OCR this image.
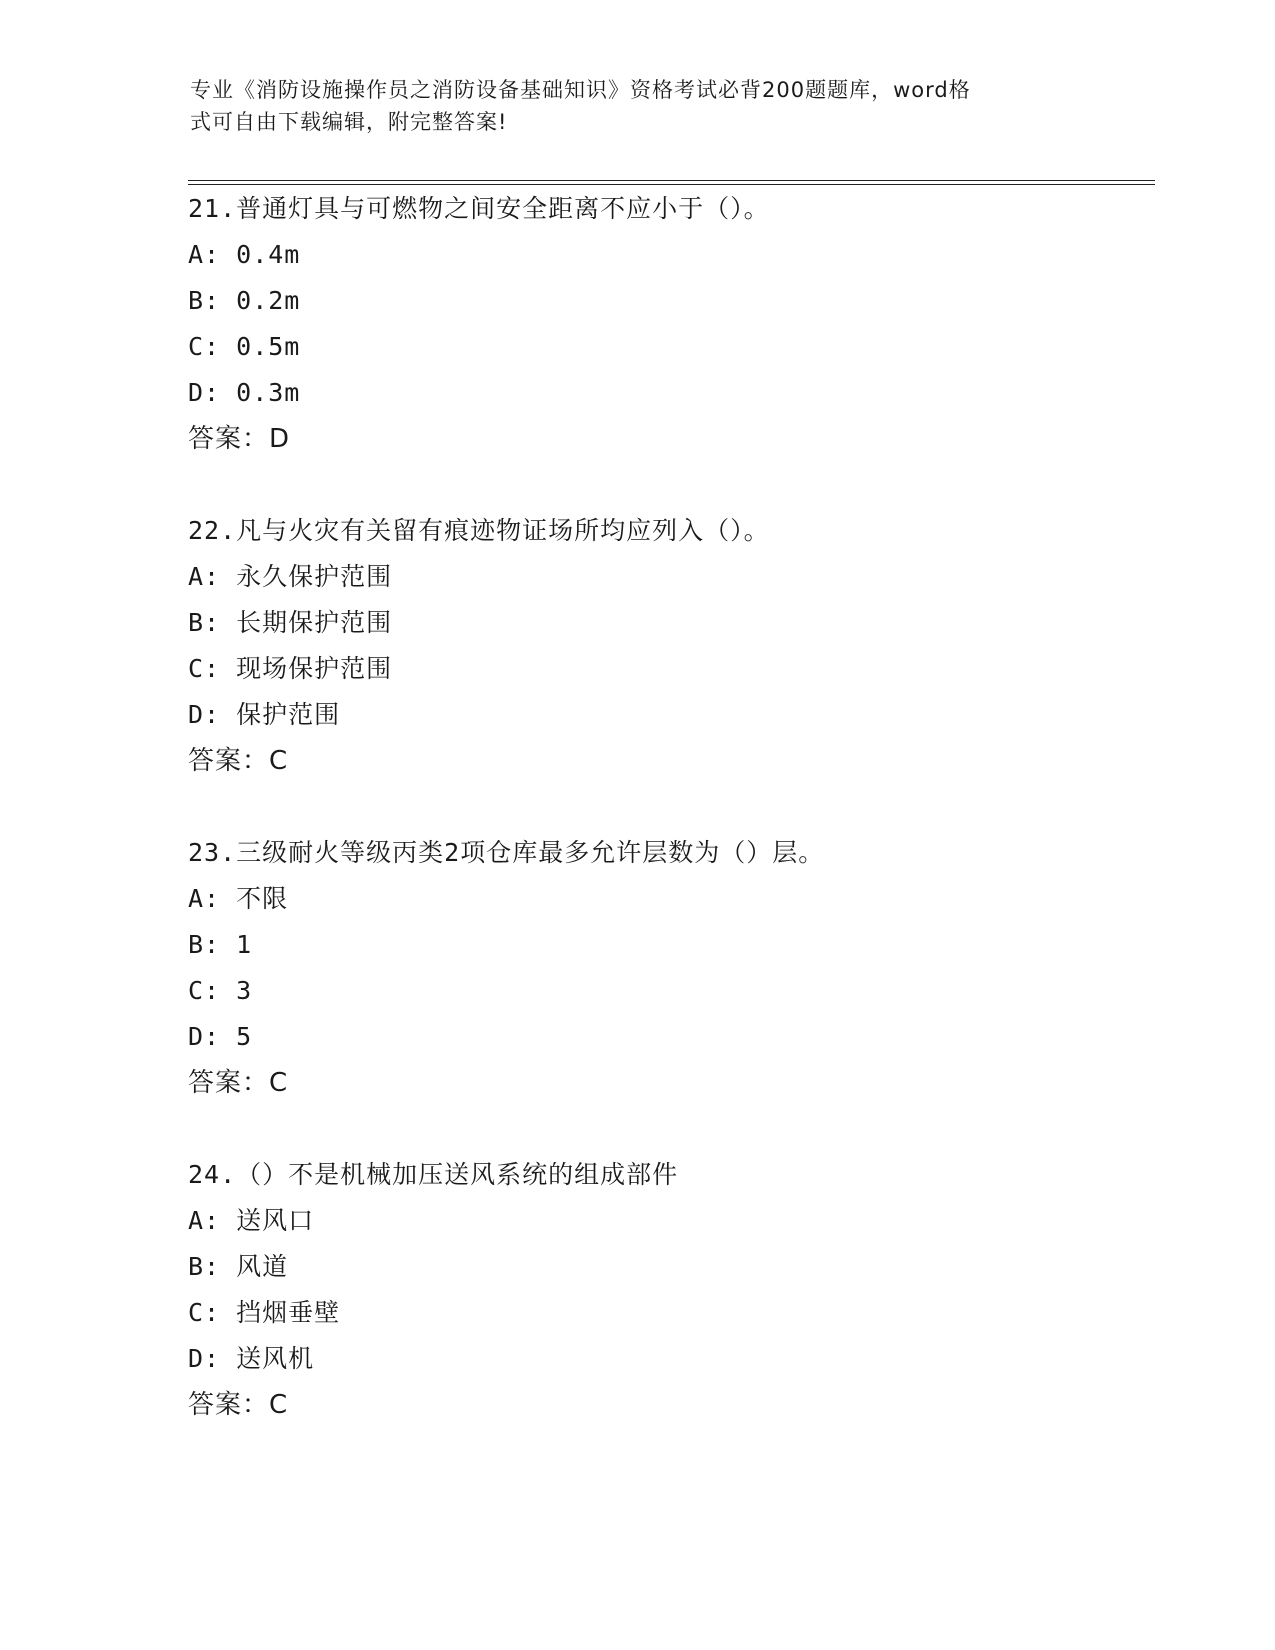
专业《消防设施操作员之消防设备基础知识》资格考试必背200题题库，word格
式可自由下载编辑，附完整答案!
21.普通灯具与可燃物之间安全距离不应小于（）。
A: 0.4m
B: 0.2m
C: 0.5m
D: 0.3m
答案：D
22.凡与火灾有关留有痕迹物证场所均应列入（）。
A: 永久保护范围
B: 长期保护范围
C: 现场保护范围
D: 保护范围
答案：C
23.三级耐火等级丙类2项仓库最多允许层数为（）层。
A: 不限
B: 1
C: 3
D: 5
答案：C
24.（）不是机械加压送风系统的组成部件
A: 送风口
B: 风道
C: 挡烟垂壁
D: 送风机
答案：C
